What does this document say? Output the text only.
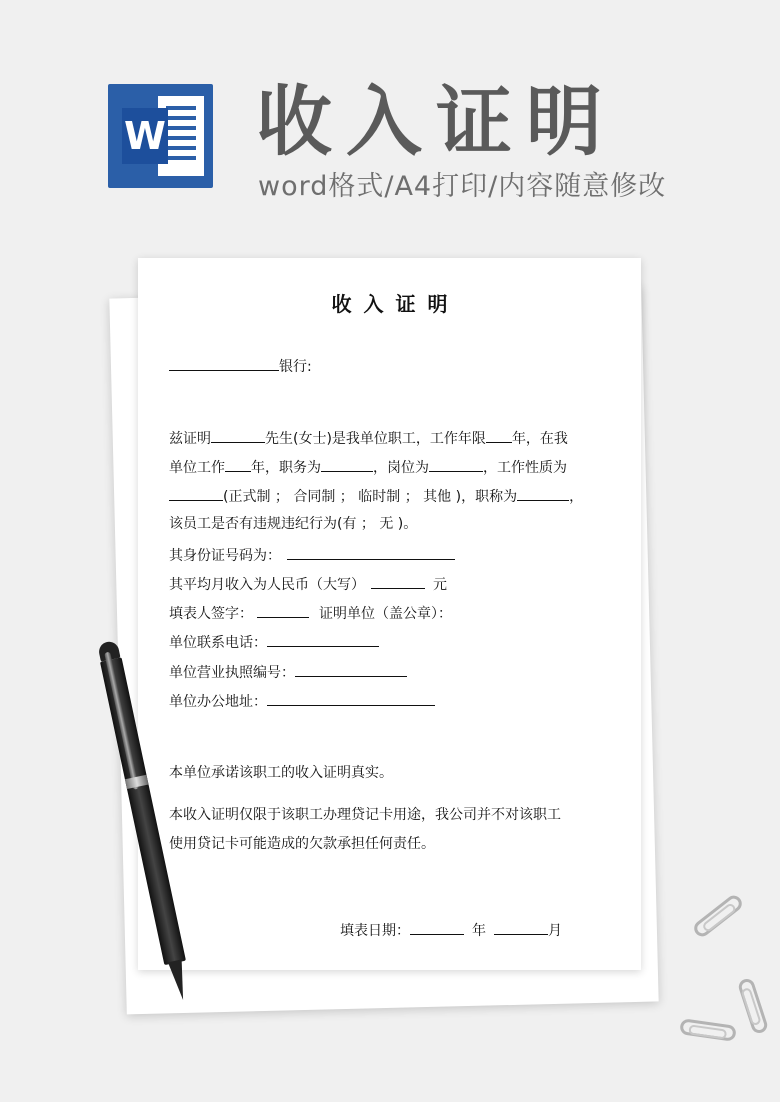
W 收入证明
word格式/A4打印/内容随意修改
收入证明
银行:
兹证明	先生(女士)是我单位职工，工作年限 年，在我
单位工作 年，职务为	，岗位为	，工作性质为
(正式制 ； 合同制 ； 临时制 ； 其他 )，职称为	，
该员工是否有违规违纪行为(有 ； 无 )。
其身份证号码为：
其平均月收入为人民币（大写）	元
填表人签字：	证明单位（盖公章）：
单位联系电话：
单位营业执照编号：
单位办公地址：
本单位承诺该职工的收入证明真实。
本收入证明仅限于该职工办理贷记卡用途，我公司并不对该职工
使用贷记卡可能造成的欠款承担任何责任。
填表日期：	年	月
